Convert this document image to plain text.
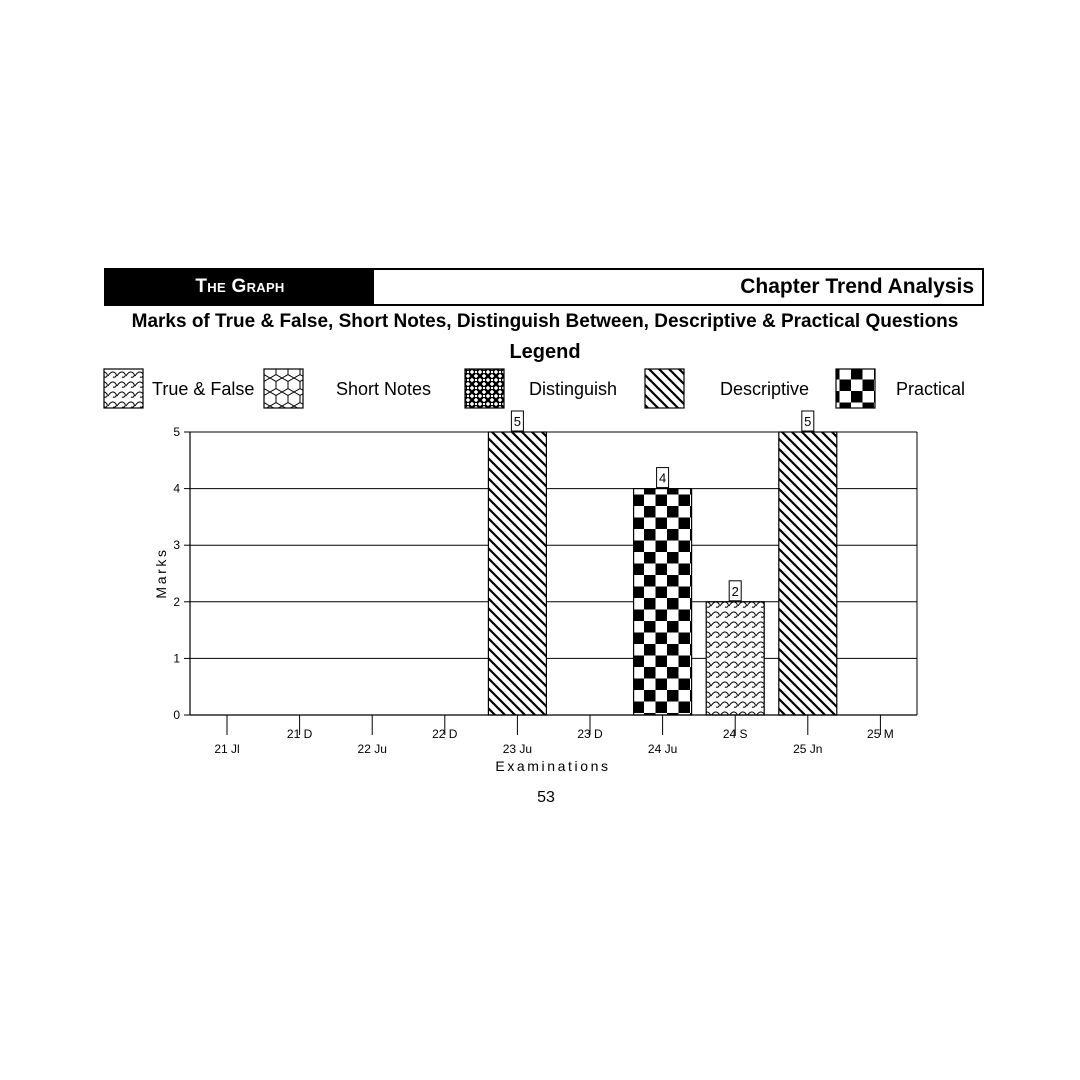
The Graph	Chapter Trend Analysis
Marks of True & False, Short Notes, Distinguish Between, Descriptive & Practical Questions
Legend
True & False	Short Notes	Distinguish	Descriptive	Practical
0
1
2
3
4
5
2
5	5
4
21 Jl
21 D
22 Ju
22 D
23 Ju
23 D
24 Ju
24 S
25 Jn
25 M
Examinations
Marks
53
